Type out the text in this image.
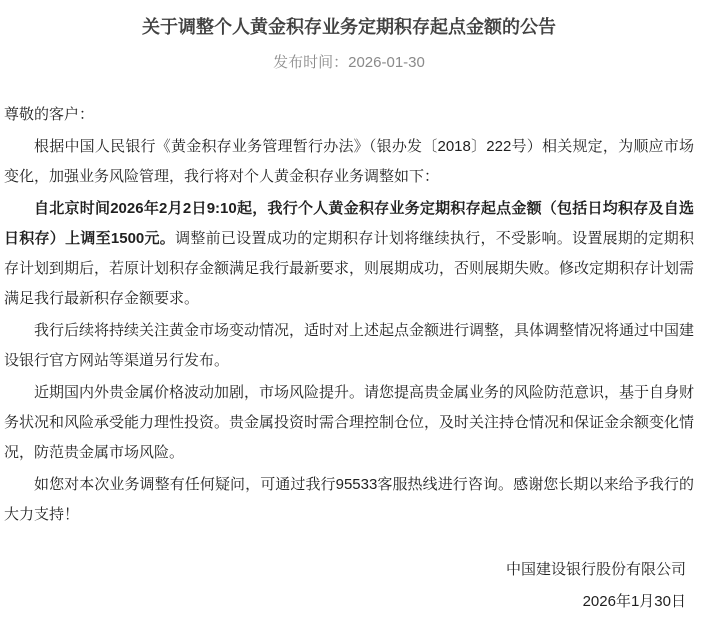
关于调整个人黄金积存业务定期积存起点金额的公告
发布时间：2026-01-30

尊敬的客户：

根据中国人民银行《黄金积存业务管理暂行办法》（银办发〔2018〕222号）相关规定，为顺应市场变化，加强业务风险管理，我行将对个人黄金积存业务调整如下：

自北京时间2026年2月2日9:10起，我行个人黄金积存业务定期积存起点金额（包括日均积存及自选日积存）上调至1500元。调整前已设置成功的定期积存计划将继续执行，不受影响。设置展期的定期积存计划到期后，若原计划积存金额满足我行最新要求，则展期成功，否则展期失败。修改定期积存计划需满足我行最新积存金额要求。

我行后续将持续关注黄金市场变动情况，适时对上述起点金额进行调整，具体调整情况将通过中国建设银行官方网站等渠道另行发布。

近期国内外贵金属价格波动加剧，市场风险提升。请您提高贵金属业务的风险防范意识，基于自身财务状况和风险承受能力理性投资。贵金属投资时需合理控制仓位，及时关注持仓情况和保证金余额变化情况，防范贵金属市场风险。

如您对本次业务调整有任何疑问，可通过我行95533客服热线进行咨询。感谢您长期以来给予我行的大力支持！

中国建设银行股份有限公司
2026年1月30日
